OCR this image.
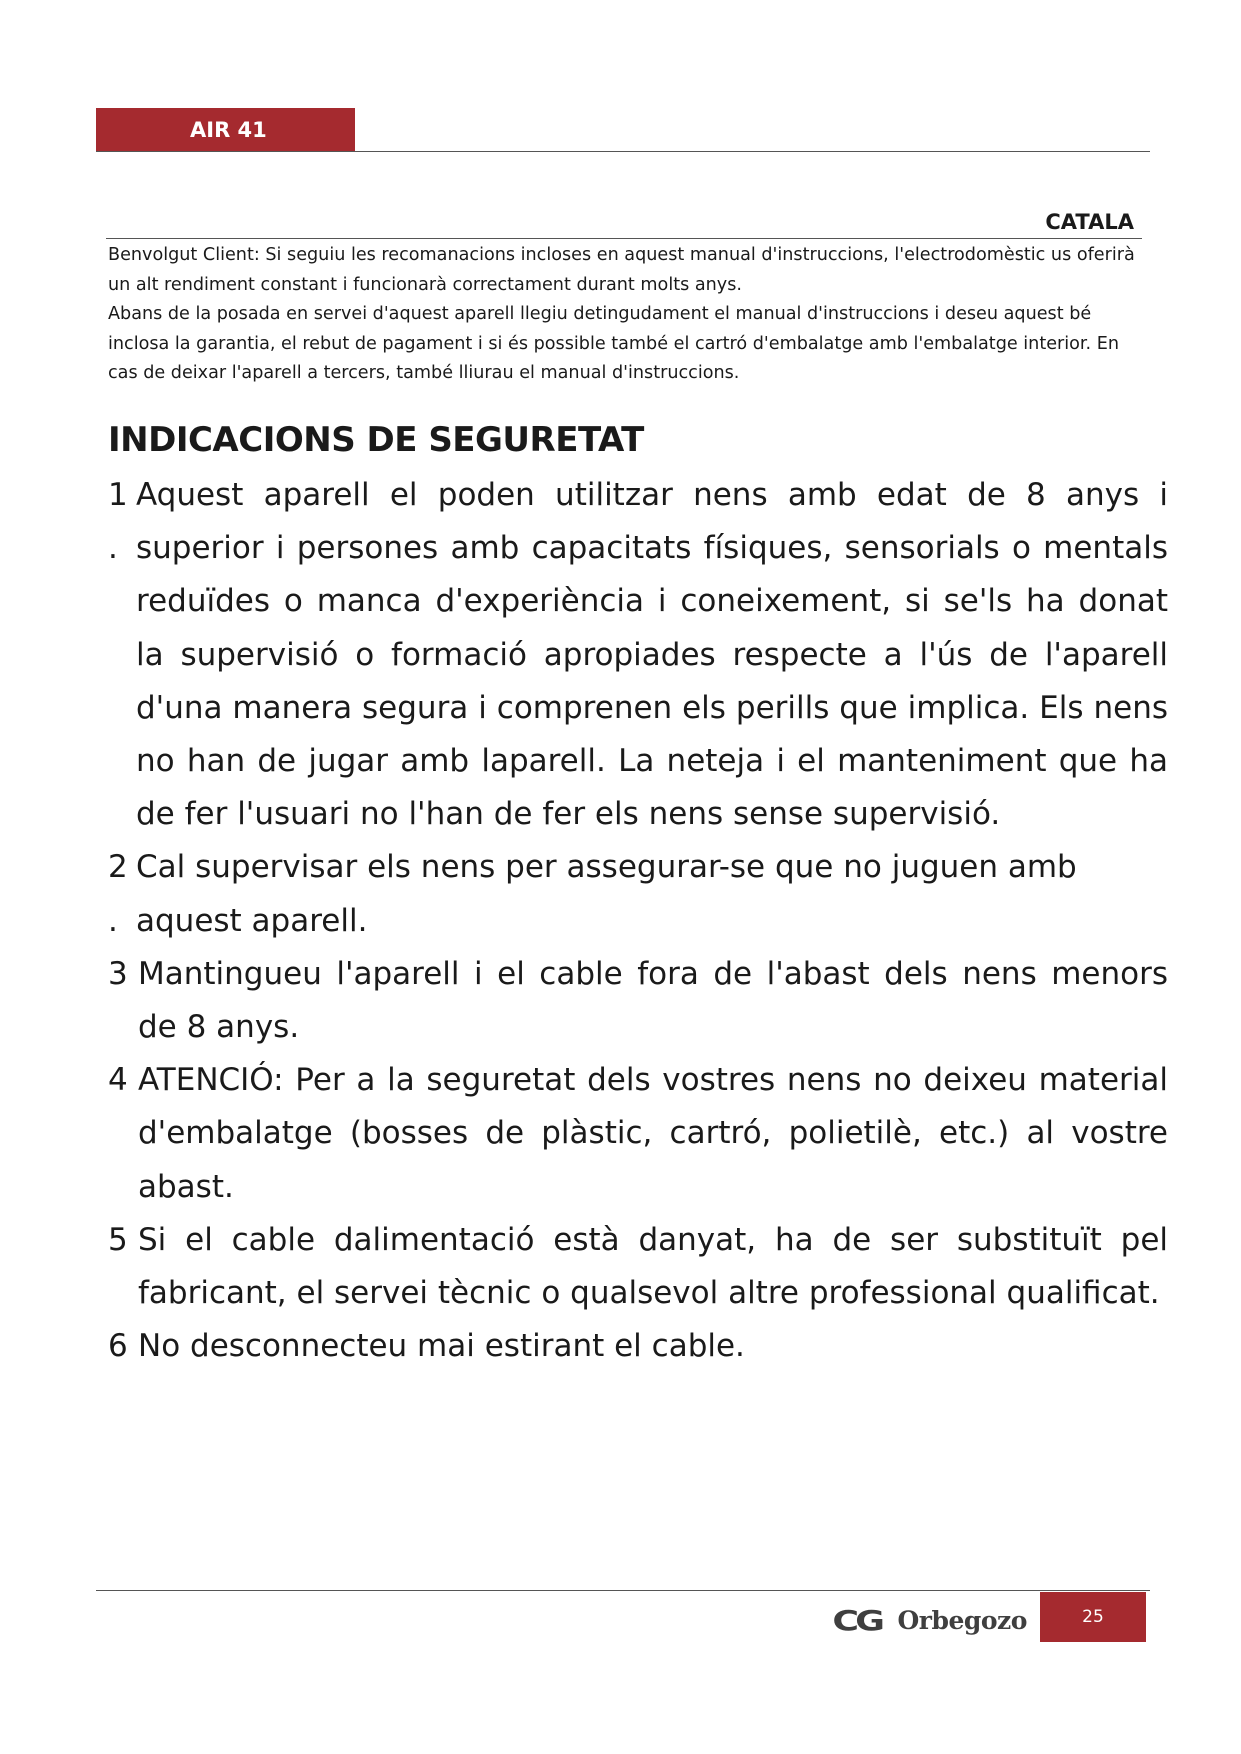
AIR 41
CATALA

Benvolgut Client: Si seguiu les recomanacions incloses en aquest manual d'instruccions, l'electrodomèstic us oferirà un alt rendiment constant i funcionarà correctament durant molts anys.

Abans de la posada en servei d'aquest aparell llegiu detingudament el manual d'instruccions i deseu aquest bé inclosa la garantia, el rebut de pagament i si és possible també el cartró d'embalatge amb l'embalatge interior. En cas de deixar l'aparell a tercers, també lliurau el manual d'instruccions.

INDICACIONS DE SEGURETAT
1 .
Aquest aparell el poden utilitzar nens amb edat de 8 anys i superior i persones amb capacitats físiques, sensorials o mentals reduïdes o manca d'experiència i coneixement, si se'ls ha donat la supervisió o formació apropiades respecte a l'ús de l'aparell d'una manera segura i comprenen els perills que implica. Els nens no han de jugar amb laparell. La neteja i el manteniment que ha de fer l'usuari no l'han de fer els nens sense supervisió.
2 .
Cal supervisar els nens per assegurar-se que no juguen amb aquest aparell.
3 Mantingueu l'aparell i el cable fora de l'abast dels nens menors de 8 anys.
4 ATENCIÓ: Per a la seguretat dels vostres nens no deixeu material d'embalatge (bosses de plàstic, cartró, polietilè, etc.) al vostre abast.
5 Si el cable dalimentació està danyat, ha de ser substituït pel fabricant, el servei tècnic o qualsevol altre professional qualificat.
6 No desconnecteu mai estirant el cable.
CG Orbegozo	25
